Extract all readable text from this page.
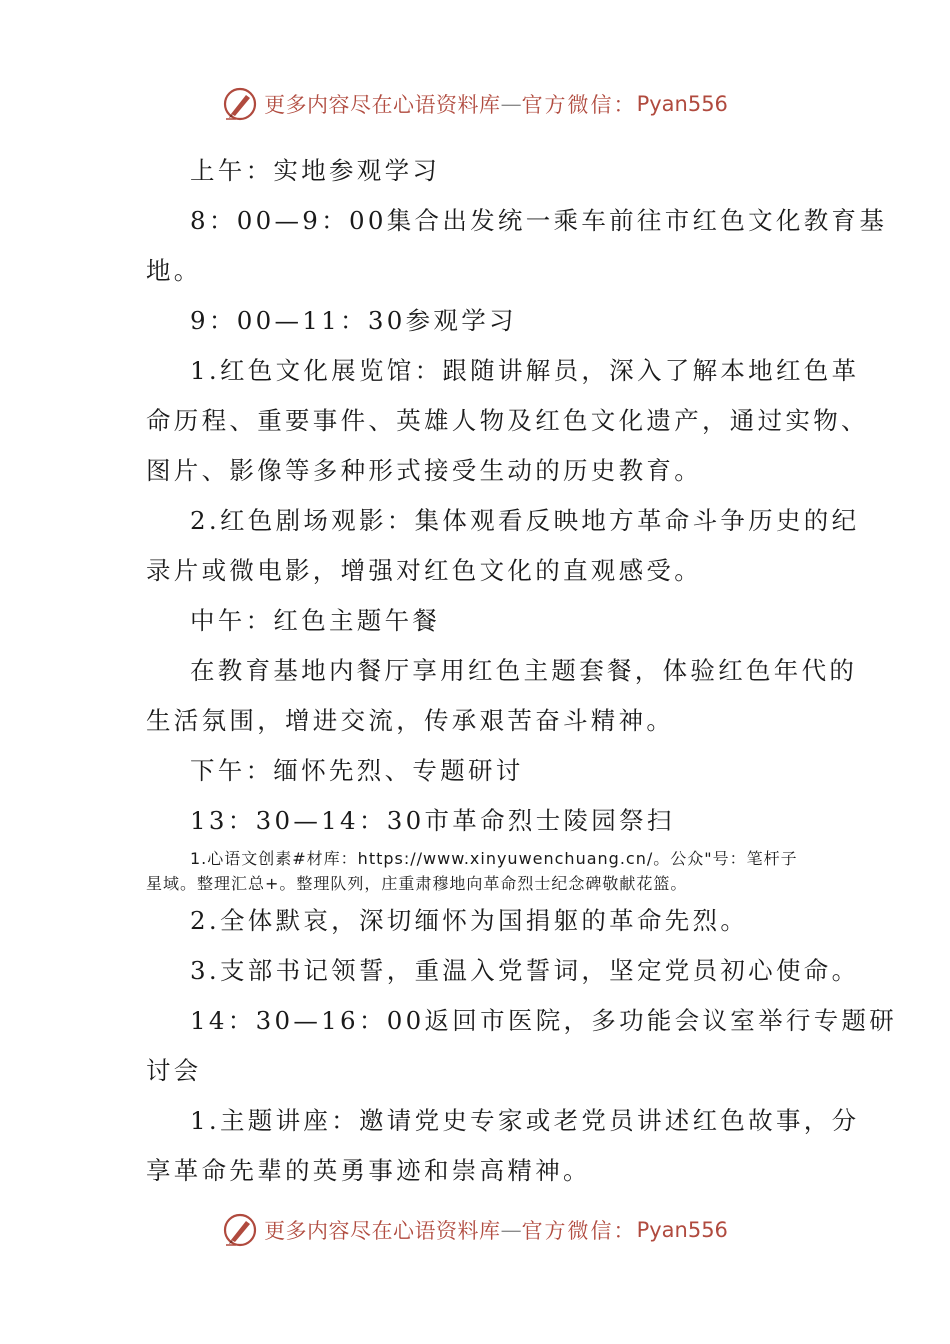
更多内容尽在心语资料库 — 官方微信： Pyan556
上午：实地参观学习
8：00—9：00集合出发统一乘车前往市红色文化教育基
地。
9：00—11：30参观学习
1.红色文化展览馆：跟随讲解员，深入了解本地红色革
命历程、重要事件、英雄人物及红色文化遗产，通过实物、
图片、影像等多种形式接受生动的历史教育。
2.红色剧场观影：集体观看反映地方革命斗争历史的纪
录片或微电影，增强对红色文化的直观感受。
中午：红色主题午餐
在教育基地内餐厅享用红色主题套餐，体验红色年代的
生活氛围，增进交流，传承艰苦奋斗精神。
下午：缅怀先烈、专题研讨
13：30—14：30市革命烈士陵园祭扫
1.心语文创素#材库：https://www.xinyuwenchuang.cn/。公众"号：笔杆子
星域。整理汇总+。整理队列，庄重肃穆地向革命烈士纪念碑敬献花篮。
2.全体默哀，深切缅怀为国捐躯的革命先烈。
3.支部书记领誓，重温入党誓词，坚定党员初心使命。
14：30—16：00返回市医院，多功能会议室举行专题研
讨会
1.主题讲座：邀请党史专家或老党员讲述红色故事，分
享革命先辈的英勇事迹和崇高精神。
更多内容尽在心语资料库 — 官方微信： Pyan556
